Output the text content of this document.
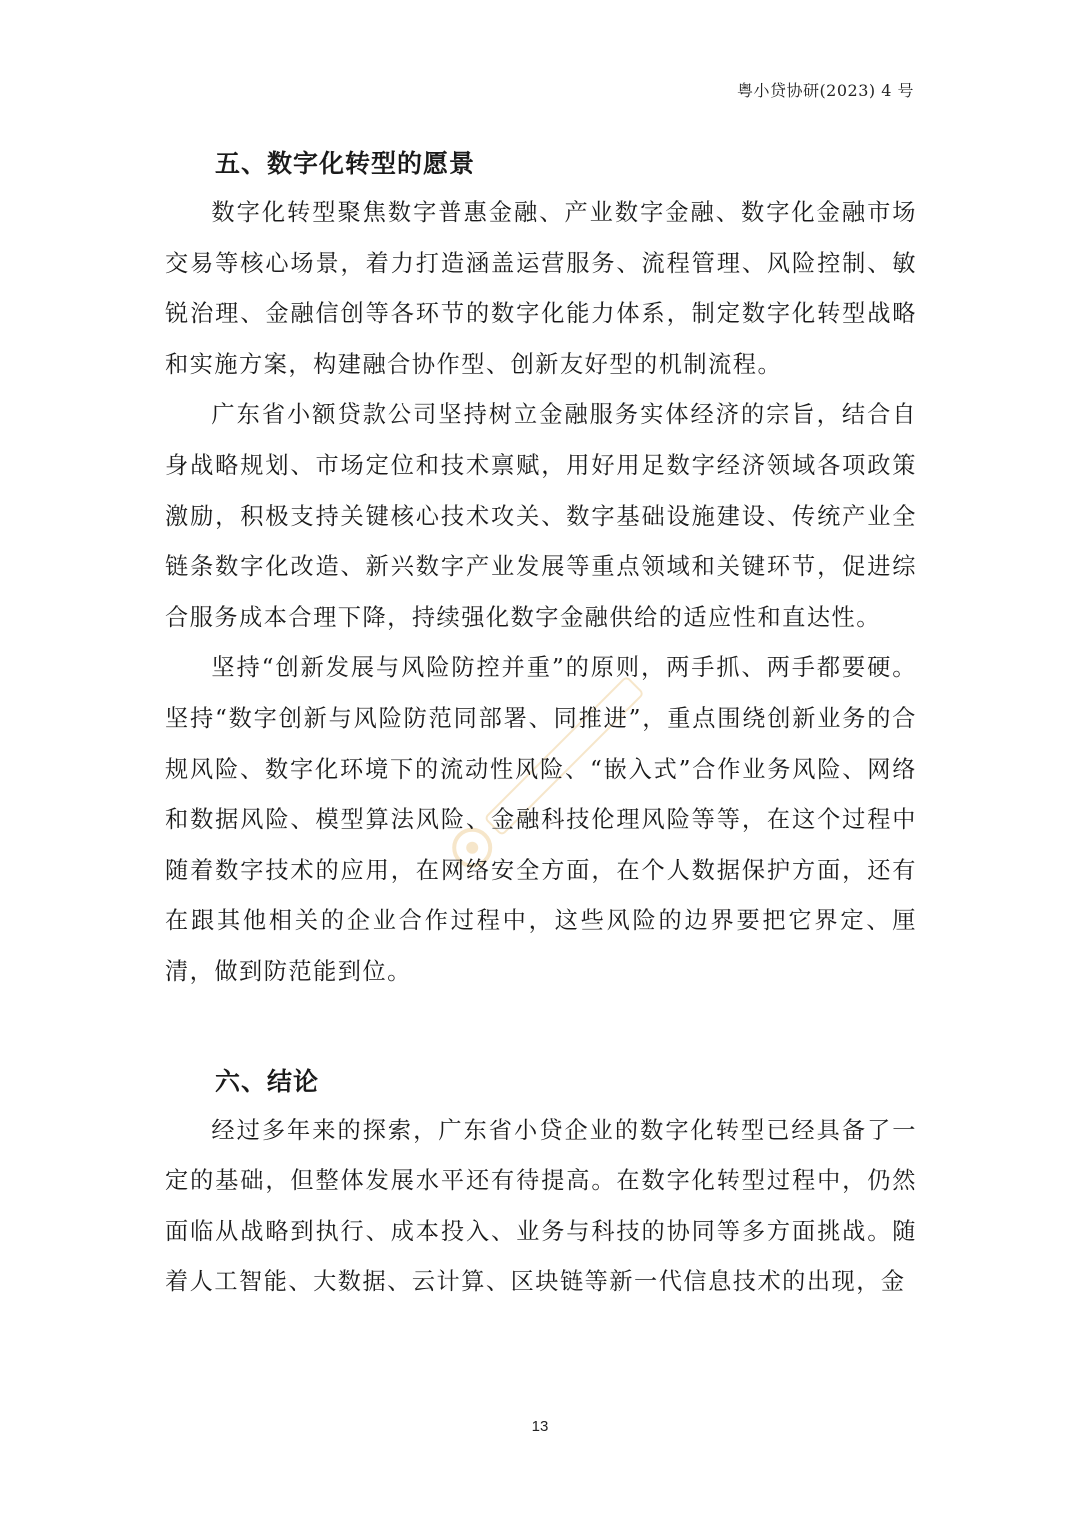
粤小贷协研(2023) 4 号
五、数字化转型的愿景

数字化转型聚焦数字普惠金融、产业数字金融、数字化金融市场交易等核心场景，着力打造涵盖运营服务、流程管理、风险控制、敏锐治理、金融信创等各环节的数字化能力体系，制定数字化转型战略和实施方案，构建融合协作型、创新友好型的机制流程。

广东省小额贷款公司坚持树立金融服务实体经济的宗旨，结合自身战略规划、市场定位和技术禀赋，用好用足数字经济领域各项政策激励，积极支持关键核心技术攻关、数字基础设施建设、传统产业全链条数字化改造、新兴数字产业发展等重点领域和关键环节，促进综合服务成本合理下降，持续强化数字金融供给的适应性和直达性。

坚持“创新发展与风险防控并重”的原则，两手抓、两手都要硬。坚持“数字创新与风险防范同部署、同推进”，重点围绕创新业务的合规风险、数字化环境下的流动性风险、“嵌入式”合作业务风险、网络和数据风险、模型算法风险、金融科技伦理风险等等，在这个过程中随着数字技术的应用，在网络安全方面，在个人数据保护方面，还有在跟其他相关的企业合作过程中，这些风险的边界要把它界定、厘清，做到防范能到位。

六、结论

经过多年来的探索，广东省小贷企业的数字化转型已经具备了一定的基础，但整体发展水平还有待提高。在数字化转型过程中，仍然面临从战略到执行、成本投入、业务与科技的协同等多方面挑战。随着人工智能、大数据、云计算、区块链等新一代信息技术的出现，金

13
